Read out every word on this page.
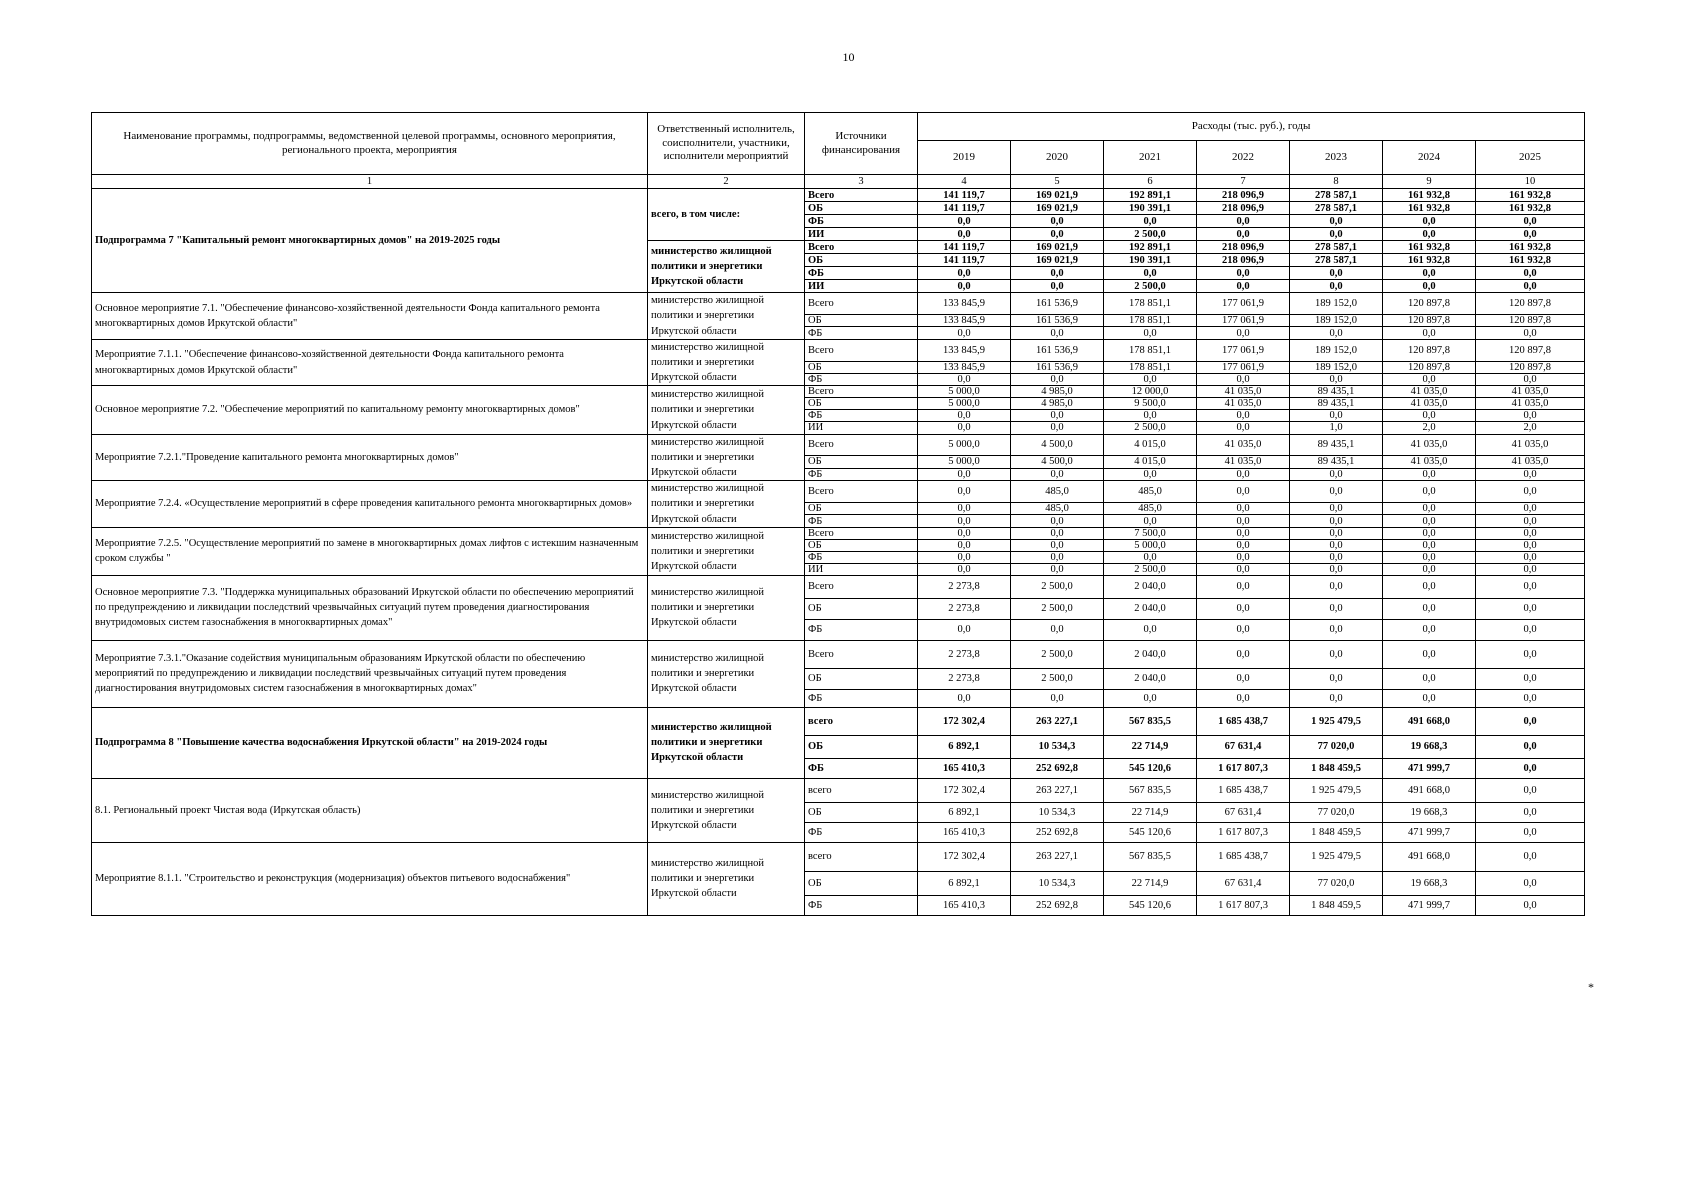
10
Наименование программы, подпрограммы, ведомственной целевой программы, основного мероприятия, регионального проекта, мероприятия	Ответственный исполнитель, соисполнители, участники, исполнители мероприятий	Источники финансирования	Расходы (тыс. руб.), годы						
			2019	2020	2021	2022	2023	2024	2025
1	2	3	4	5	6	7	8	9	10
Подпрограмма 7 "Капитальный ремонт многоквартирных домов" на 2019-2025 годы	всего, в том числе:	Всего	141 119,7	169 021,9	192 891,1	218 096,9	278 587,1	161 932,8	161 932,8
		ОБ	141 119,7	169 021,9	190 391,1	218 096,9	278 587,1	161 932,8	161 932,8
		ФБ	0,0	0,0	0,0	0,0	0,0	0,0	0,0
		ИИ	0,0	0,0	2 500,0	0,0	0,0	0,0	0,0
	министерство жилищной политики и энергетики Иркутской области	Всего	141 119,7	169 021,9	192 891,1	218 096,9	278 587,1	161 932,8	161 932,8
		ОБ	141 119,7	169 021,9	190 391,1	218 096,9	278 587,1	161 932,8	161 932,8
		ФБ	0,0	0,0	0,0	0,0	0,0	0,0	0,0
		ИИ	0,0	0,0	2 500,0	0,0	0,0	0,0	0,0
Основное мероприятие 7.1. "Обеспечение финансово-хозяйственной деятельности Фонда капитального ремонта многоквартирных домов Иркутской области"	министерство жилищной политики и энергетики Иркутской области	Всего	133 845,9	161 536,9	178 851,1	177 061,9	189 152,0	120 897,8	120 897,8
		ОБ	133 845,9	161 536,9	178 851,1	177 061,9	189 152,0	120 897,8	120 897,8
		ФБ	0,0	0,0	0,0	0,0	0,0	0,0	0,0
Мероприятие 7.1.1. "Обеспечение финансово-хозяйственной деятельности Фонда капитального ремонта многоквартирных домов Иркутской области"	министерство жилищной политики и энергетики Иркутской области	Всего	133 845,9	161 536,9	178 851,1	177 061,9	189 152,0	120 897,8	120 897,8
		ОБ	133 845,9	161 536,9	178 851,1	177 061,9	189 152,0	120 897,8	120 897,8
		ФБ	0,0	0,0	0,0	0,0	0,0	0,0	0,0
Основное мероприятие 7.2. "Обеспечение мероприятий по капитальному ремонту многоквартирных домов"	министерство жилищной политики и энергетики Иркутской области	Всего	5 000,0	4 985,0	12 000,0	41 035,0	89 435,1	41 035,0	41 035,0
		ОБ	5 000,0	4 985,0	9 500,0	41 035,0	89 435,1	41 035,0	41 035,0
		ФБ	0,0	0,0	0,0	0,0	0,0	0,0	0,0
		ИИ	0,0	0,0	2 500,0	0,0	1,0	2,0	2,0
Мероприятие 7.2.1."Проведение капитального ремонта многоквартирных домов"	министерство жилищной политики и энергетики Иркутской области	Всего	5 000,0	4 500,0	4 015,0	41 035,0	89 435,1	41 035,0	41 035,0
		ОБ	5 000,0	4 500,0	4 015,0	41 035,0	89 435,1	41 035,0	41 035,0
		ФБ	0,0	0,0	0,0	0,0	0,0	0,0	0,0
Мероприятие 7.2.4. «Осуществление мероприятий в сфере проведения капитального ремонта многоквартирных домов»	министерство жилищной политики и энергетики Иркутской области	Всего	0,0	485,0	485,0	0,0	0,0	0,0	0,0
		ОБ	0,0	485,0	485,0	0,0	0,0	0,0	0,0
		ФБ	0,0	0,0	0,0	0,0	0,0	0,0	0,0
Мероприятие 7.2.5. "Осуществление мероприятий по замене в многоквартирных домах лифтов с истекшим назначенным сроком службы "	министерство жилищной политики и энергетики Иркутской области	Всего	0,0	0,0	7 500,0	0,0	0,0	0,0	0,0
		ОБ	0,0	0,0	5 000,0	0,0	0,0	0,0	0,0
		ФБ	0,0	0,0	0,0	0,0	0,0	0,0	0,0
		ИИ	0,0	0,0	2 500,0	0,0	0,0	0,0	0,0
Основное мероприятие 7.3. "Поддержка муниципальных образований Иркутской области по обеспечению мероприятий по предупреждению и ликвидации последствий чрезвычайных ситуаций путем проведения диагностирования внутридомовых систем газоснабжения в многоквартирных домах"	министерство жилищной политики и энергетики Иркутской области	Всего	2 273,8	2 500,0	2 040,0	0,0	0,0	0,0	0,0
		ОБ	2 273,8	2 500,0	2 040,0	0,0	0,0	0,0	0,0
		ФБ	0,0	0,0	0,0	0,0	0,0	0,0	0,0
Мероприятие 7.3.1."Оказание содействия муниципальным образованиям Иркутской области по обеспечению мероприятий по предупреждению и ликвидации последствий чрезвычайных ситуаций путем проведения диагностирования внутридомовых систем газоснабжения в многоквартирных домах"	министерство жилищной политики и энергетики Иркутской области	Всего	2 273,8	2 500,0	2 040,0	0,0	0,0	0,0	0,0
		ОБ	2 273,8	2 500,0	2 040,0	0,0	0,0	0,0	0,0
		ФБ	0,0	0,0	0,0	0,0	0,0	0,0	0,0
Подпрограмма 8 "Повышение качества водоснабжения Иркутской области" на 2019-2024 годы	министерство жилищной политики и энергетики Иркутской области	всего	172 302,4	263 227,1	567 835,5	1 685 438,7	1 925 479,5	491 668,0	0,0
		ОБ	6 892,1	10 534,3	22 714,9	67 631,4	77 020,0	19 668,3	0,0
		ФБ	165 410,3	252 692,8	545 120,6	1 617 807,3	1 848 459,5	471 999,7	0,0
8.1. Региональный проект Чистая вода (Иркутская область)	министерство жилищной политики и энергетики Иркутской области	всего	172 302,4	263 227,1	567 835,5	1 685 438,7	1 925 479,5	491 668,0	0,0
		ОБ	6 892,1	10 534,3	22 714,9	67 631,4	77 020,0	19 668,3	0,0
		ФБ	165 410,3	252 692,8	545 120,6	1 617 807,3	1 848 459,5	471 999,7	0,0
Мероприятие 8.1.1. "Строительство и реконструкция (модернизация) объектов питьевого водоснабжения"	министерство жилищной политики и энергетики Иркутской области	всего	172 302,4	263 227,1	567 835,5	1 685 438,7	1 925 479,5	491 668,0	0,0
		ОБ	6 892,1	10 534,3	22 714,9	67 631,4	77 020,0	19 668,3	0,0
		ФБ	165 410,3	252 692,8	545 120,6	1 617 807,3	1 848 459,5	471 999,7	0,0
*
